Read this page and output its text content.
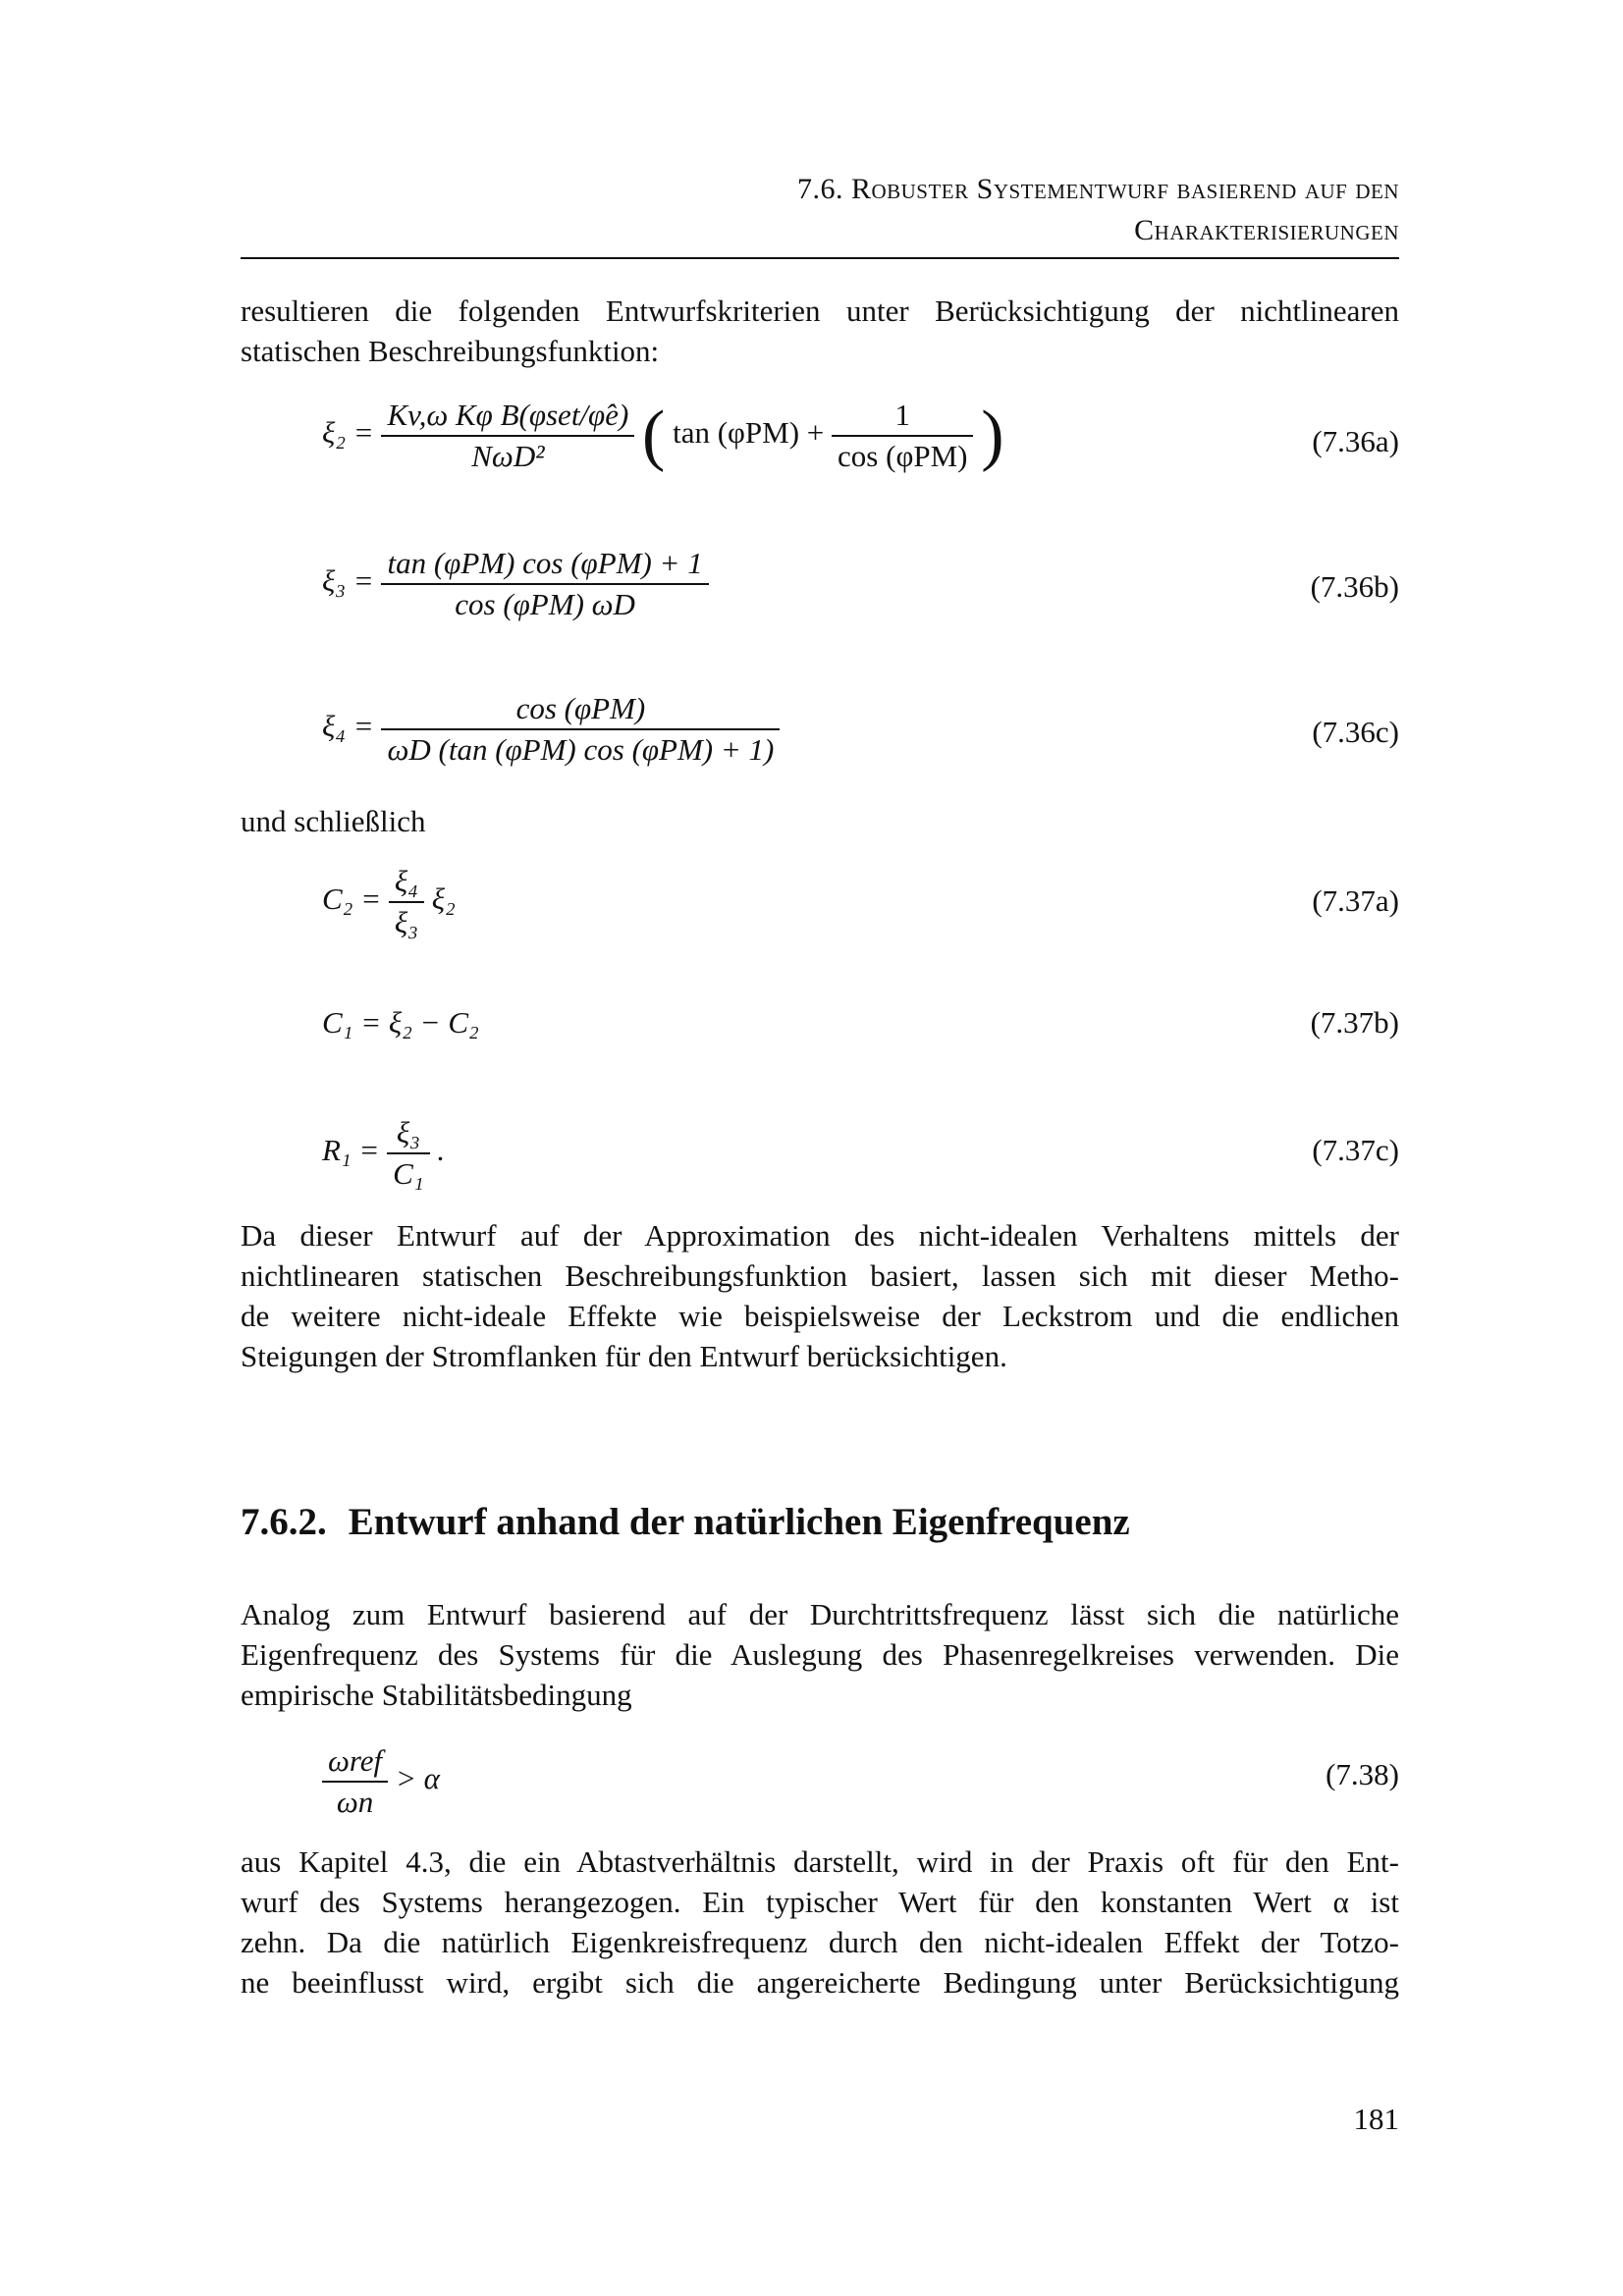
7.6. Robuster Systementwurf basierend auf den
Charakterisierungen
resultieren die folgenden Entwurfskriterien unter Berücksichtigung der nichtlinearen
statischen Beschreibungsfunktion:
$\xi_2 = \frac{\text{Kv,ω Kφ B(φset/φ̂e)}}{\text{NωD²}}$ ( $\tan (\varphi PM) + \frac{1}{\text{cos (φPM)}}$ )	(7.36a)
$\xi_3 = \frac{\text{tan (φPM) cos (φPM) + 1}}{\text{cos (φPM) ωD}}$	(7.36b)
$\xi_4 = \frac{\text{cos (φPM)}}{\text{ωD (tan (φPM) cos (φPM) + 1)}}$	(7.36c)
und schließlich
$C_2 = \frac{\text{ξ₄}}{\text{ξ₃}} \xi_2$	(7.37a)
C₁ = ξ₂ − C₂	(7.37b)
$R_1 = \frac{\text{ξ₃}}{\text{C₁}}$ .	(7.37c)
Da dieser Entwurf auf der Approximation des nicht-idealen Verhaltens mittels der
nichtlinearen statischen Beschreibungsfunktion basiert, lassen sich mit dieser Metho-
de weitere nicht-ideale Effekte wie beispielsweise der Leckstrom und die endlichen
Steigungen der Stromflanken für den Entwurf berücksichtigen.
7.6.2. Entwurf anhand der natürlichen Eigenfrequenz
Analog zum Entwurf basierend auf der Durchtrittsfrequenz lässt sich die natürliche
Eigenfrequenz des Systems für die Auslegung des Phasenregelkreises verwenden. Die
empirische Stabilitätsbedingung
$\frac{\text{ωref}}{\omega n} > \alpha$	(7.38)
aus Kapitel 4.3, die ein Abtastverhältnis darstellt, wird in der Praxis oft für den Ent-
wurf des Systems herangezogen. Ein typischer Wert für den konstanten Wert α ist
zehn. Da die natürlich Eigenkreisfrequenz durch den nicht-idealen Effekt der Totzo-
ne beeinflusst wird, ergibt sich die angereicherte Bedingung unter Berücksichtigung
181
